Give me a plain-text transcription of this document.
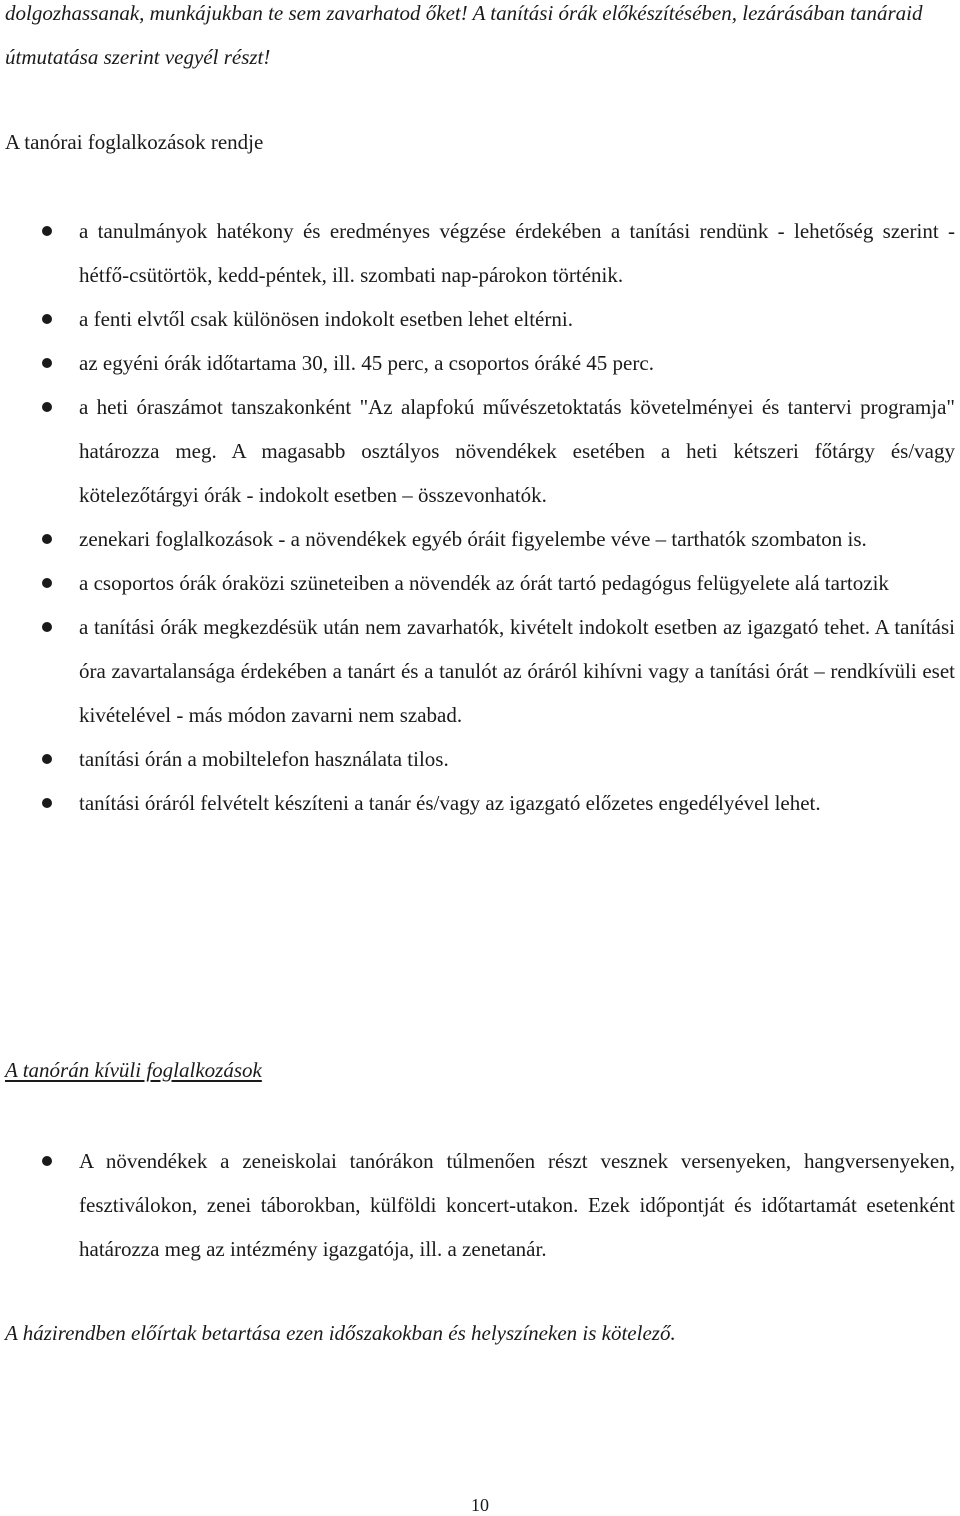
dolgozhassanak, munkájukban te sem zavarhatod őket! A tanítási órák előkészítésében, lezárásában tanáraid útmutatása szerint vegyél részt!

A tanórai foglalkozások rendje
a tanulmányok hatékony és eredményes végzése érdekében a tanítási rendünk - lehetőség szerint - hétfő-csütörtök, kedd-péntek, ill. szombati nap-párokon történik.
a fenti elvtől csak különösen indokolt esetben lehet eltérni.
az egyéni órák időtartama 30, ill. 45 perc, a csoportos óráké 45 perc.
a heti óraszámot tanszakonként "Az alapfokú művészetoktatás követelményei és tantervi programja" határozza meg. A magasabb osztályos növendékek esetében a heti kétszeri főtárgy és/vagy kötelezőtárgyi órák - indokolt esetben – összevonhatók.
zenekari foglalkozások - a növendékek egyéb óráit figyelembe véve – tarthatók szombaton is.
a csoportos órák óraközi szüneteiben a növendék az órát tartó pedagógus felügyelete alá tartozik
a tanítási órák megkezdésük után nem zavarhatók, kivételt indokolt esetben az igazgató tehet. A tanítási óra zavartalansága érdekében a tanárt és a tanulót az óráról kihívni vagy a tanítási órát – rendkívüli eset kivételével - más módon zavarni nem szabad.
tanítási órán a mobiltelefon használata tilos.
tanítási óráról felvételt készíteni a tanár és/vagy az igazgató előzetes engedélyével lehet.
A tanórán kívüli foglalkozások
A növendékek a zeneiskolai tanórákon túlmenően részt vesznek versenyeken, hangversenyeken, fesztiválokon, zenei táborokban, külföldi koncert-utakon. Ezek időpontját és időtartamát esetenként határozza meg az intézmény igazgatója, ill. a zenetanár.

A házirendben előírtak betartása ezen időszakokban és helyszíneken is kötelező.

10
